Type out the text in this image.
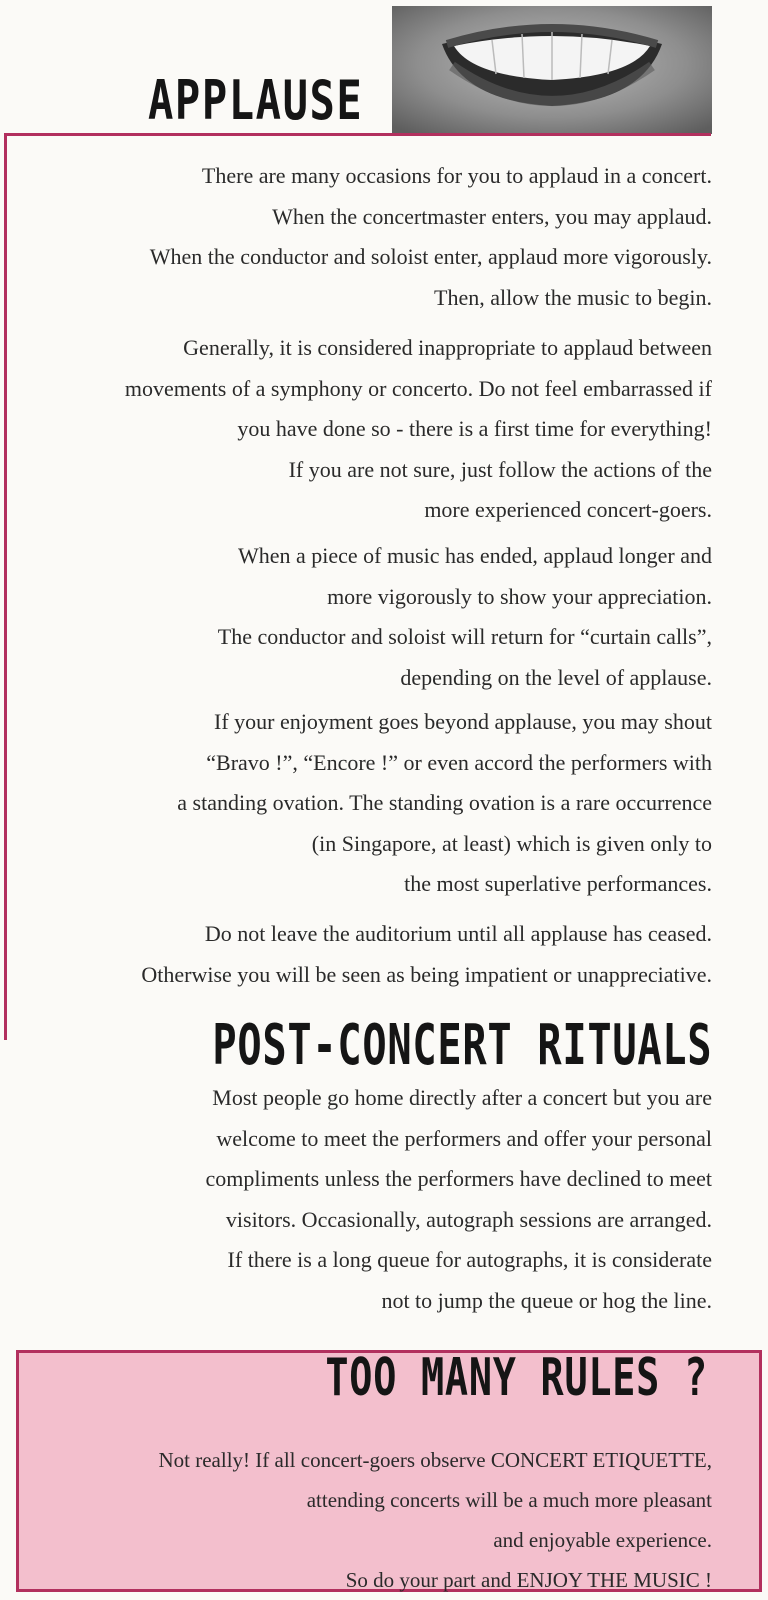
APPLAUSE

There are many occasions for you to applaud in a concert.
When the concertmaster enters, you may applaud.
When the conductor and soloist enter, applaud more vigorously.
Then, allow the music to begin.

Generally, it is considered inappropriate to applaud between
movements of a symphony or concerto. Do not feel embarrassed if
you have done so - there is a first time for everything!
If you are not sure, just follow the actions of the
more experienced concert-goers.

When a piece of music has ended, applaud longer and
more vigorously to show your appreciation.
The conductor and soloist will return for “curtain calls”,
depending on the level of applause.

If your enjoyment goes beyond applause, you may shout
“Bravo !”, “Encore !” or even accord the performers with
a standing ovation. The standing ovation is a rare occurrence
(in Singapore, at least) which is given only to
the most superlative performances.

Do not leave the auditorium until all applause has ceased.
Otherwise you will be seen as being impatient or unappreciative.

POST-CONCERT RITUALS

Most people go home directly after a concert but you are
welcome to meet the performers and offer your personal
compliments unless the performers have declined to meet
visitors. Occasionally, autograph sessions are arranged.
If there is a long queue for autographs, it is considerate
not to jump the queue or hog the line.

TOO MANY RULES ?

Not really! If all concert-goers observe CONCERT ETIQUETTE,
attending concerts will be a much more pleasant
and enjoyable experience.
So do your part and ENJOY THE MUSIC !
